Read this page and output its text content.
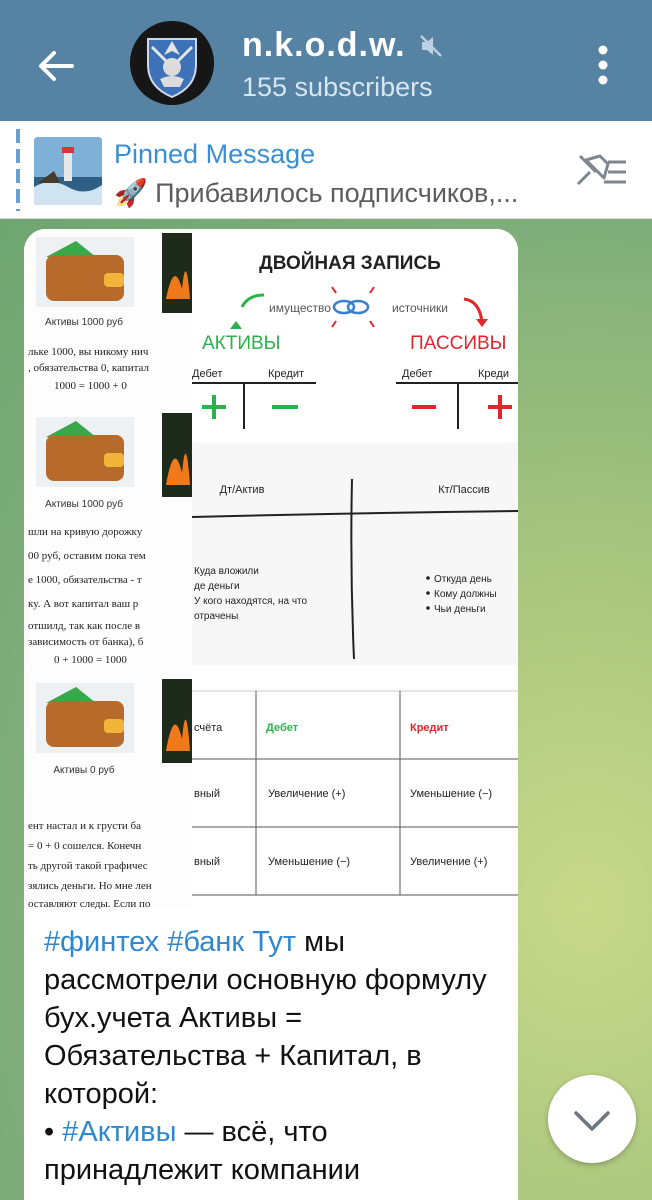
n.k.o.d.w.
155 subscribers
Pinned Message
🚀 Прибавилось подписчиков,...
Активы 1000 руб
льке 1000, вы никому нич
, обязательства 0, капитал
1000 = 1000 + 0
Активы 1000 руб
шли на кривую дорожку
00 руб, оставим пока тем
е 1000, обязательства - т
ку. А вот капитал ваш р
отшилд, так как после в
зависимость от банка), б
0 + 1000 = 1000
Активы 0 руб
ент настал и к грусти ба
= 0 + 0 сошелся. Конечн
ть другой такой графичес
зялись деньги. Но мне лен
оставляют следы. Если по
ДВОЙНАЯ ЗАПИСЬ
имущество	источники
АКТИВЫ	ПАССИВЫ
Дебет	Кредит	Дебет	Креди
Дт/Актив	Кт/Пассив
Куда вложили
де деньги
У кого находятся, на что
отрачены
Откуда день
Кому должны
Чьи деньги
счёта	Дебет	Кредит
вный	Увеличение (+)	Уменьшение (−)
вный	Уменьшение (−)	Увеличение (+)
#финтех #банк Тут мы рассмотрели основную формулу бух.учета Активы = Обязательства + Капитал, в которой:
• #Активы — всё, что принадлежит компании
